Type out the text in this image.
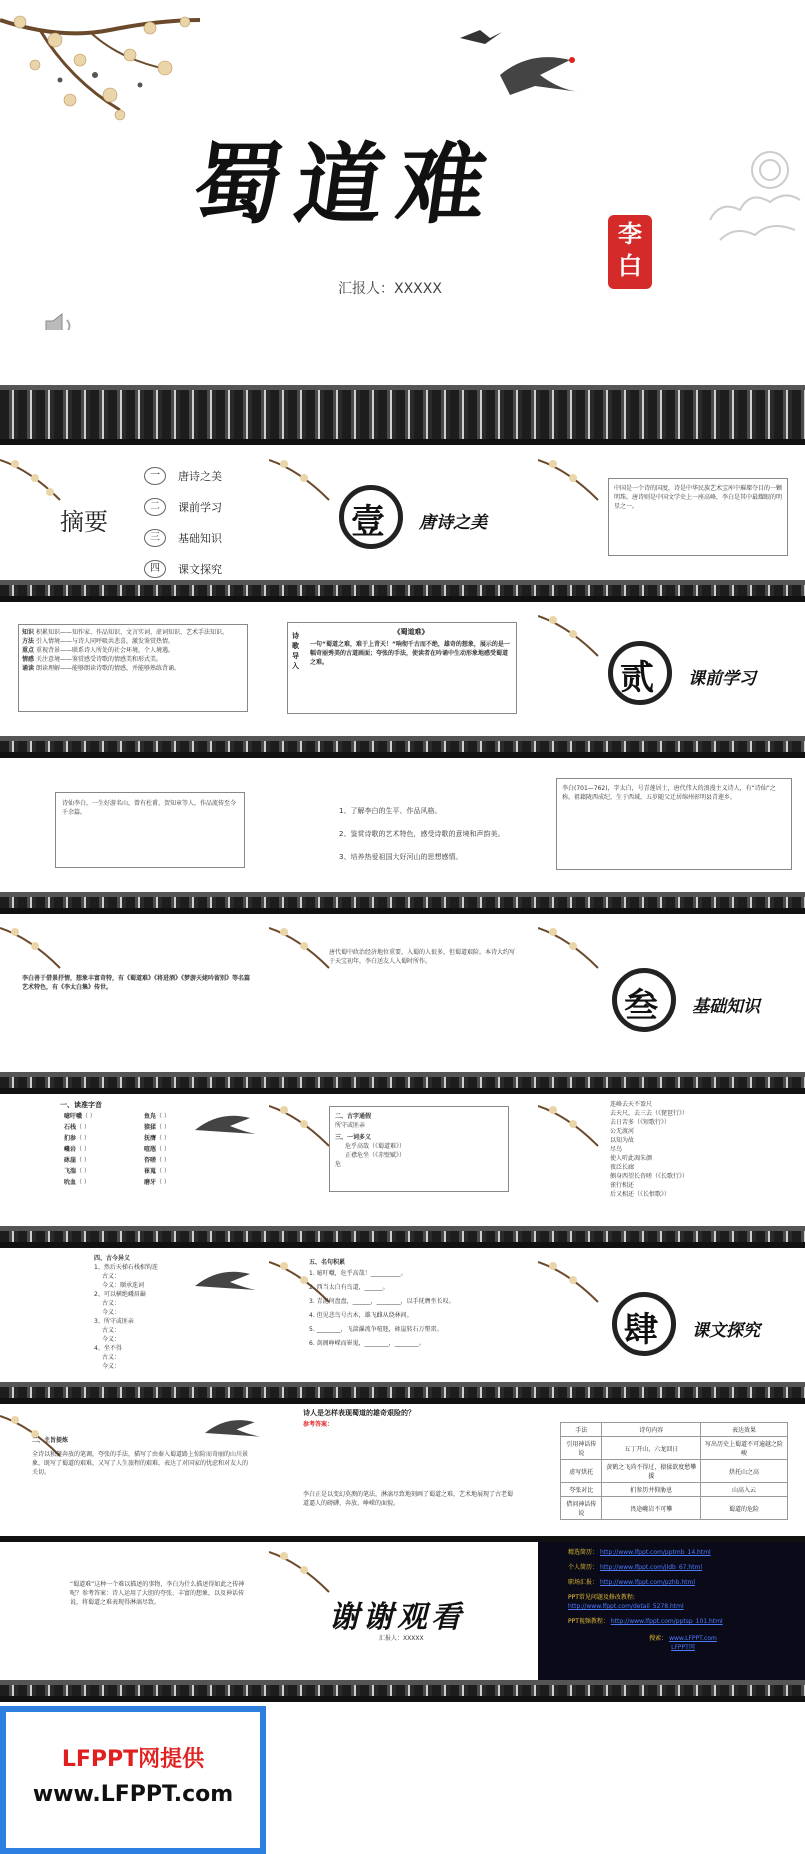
蜀道难	李白
汇报人：XXXXX
摘要
一	唐诗之美
二	课前学习
三	基础知识
四	课文探究
壹 唐诗之美
中国是一个诗的国度，诗是中华民族艺术宝库中璀璨夺目的一颗明珠。唐诗则是中国文学史上一座高峰，李白是其中最耀眼的明星之一。
知识 积累知识——知作家、作品知识、文言实词、虚词知识、艺术手法知识。
方法 引入情境——与诗人同呼吸共悲喜，激发鉴赏热情。
重点 重视背景——联系诗人所处的社会环境，个人境遇。
情感 关注意境——鉴赏感受诗歌的情感美和形式美。
诵读 朗读理解——能够朗读诗歌的情感，并能够熟练背诵。
诗歌导入
《蜀道难》
一句“蜀道之难，难于上青天！”响彻千古而不绝，雄奇的想象，展示的是一幅奇丽秀美的古道画面；夸张的手法，使读者在吟诵中生动形象地感受蜀道之难。	贰 课前学习
诗仙李白，一生好游名山，曾有杜甫、贺知章等人，作品流传至今千余篇。	1、了解李白的生平、作品风格。
2、鉴赏诗歌的艺术特色，感受诗歌的意境和声韵美。
3、培养热爱祖国大好河山的思想感情。
李白(701—762)，字太白，号青莲居士，唐代伟大的浪漫主义诗人，有“诗仙”之称。祖籍陇西成纪，生于西域，五岁随父迁居绵州彰明县青莲乡。
李白善于借景抒情，想象丰富奇特，有《蜀道难》《将进酒》《梦游天姥吟留别》等名篇艺术特色，有《李太白集》传世。
唐代蜀中政治经济地位重要，入蜀的人很多，但蜀道艰险。本诗大约写于天宝初年，李白送友人入蜀时所作。
叁 基础知识
一、读准字音
噫吁嚱（ ）	鱼凫（ ）
石栈（ ）	猿猱（ ）
扪参（ ）	抚膺（ ）
巉岩（ ）	喧豗（ ）
砯崖（ ）	咨嗟（ ）
飞湍（ ）	崔嵬（ ）
吮血（ ）	磨牙（ ）
二、古字通假
所守或匪亲
三、一词多义
危乎高哉（《蜀道难》）
正襟危坐（《赤壁赋》）
危
连峰去天不盈尺
去天尺，去三去（《琵琶行》）
去日苦多（《短歌行》）
公无渡河
以知为故
尽鸟
使人听此凋朱颜
夜泛长廊
侧身西望长咨嗟（《长歌行》）
雀行相还
后又相还（《长恨歌》）
四、古今异义
1、然后天梯石栈相钩连
古义：
今义：顺承连词
2、可以横绝峨眉巅
古义：
今义：
3、所守或匪亲
古义：
今义：
4、坐不得
古义：
今义：
五、名句积累
1. 噫吁嚱，危乎高哉！__________。
2. 西当太白有鸟道，______。
3. 青泥何盘盘，______，________，以手抚膺坐长叹。
4. 但见悲鸟号古木，雄飞雌从绕林间。
5. ________，飞湍瀑流争喧豗，砯崖转石万壑雷。
6. 剑阁峥嵘而崔嵬，________，________。	肆 课文探究
二、主旨提炼
全诗以独健奔放的笔调，夸张的手法，描写了由秦入蜀道路上惊险而奇丽的山川景象，既写了蜀道的艰难，又写了人生旅程的艰难，表达了对国家的忧虑和对友人的关切。
诗人是怎样表现蜀道的雄奇艰险的？
参考答案：
李白正是以变幻莫测的笔法，淋漓尽致地刻画了蜀道之难，艺术地展现了古老蜀道逼人的磅礴、奔放、峥嵘的面貌。
手法	诗句内容	表达效果
引用神话传说	五丁开山、六龙回日	写出历史上蜀道不可逾越之险峻
虚写烘托	黄鹤之飞尚不得过，猿猱欲度愁攀援	烘托山之高
夸张对比	扪参历井仰胁息	山高入云
借问神话传说	畏途巉岩不可攀	蜀道的危险
“蜀道难”这种一个难以描述的事物，李白为什么描述得如此之传神呢？参考答案：诗人运用了大胆的夸张、丰富的想象，以及神话传说，将蜀道之难表现得淋漓尽致。	谢谢观看
汇报人：XXXXX
精选简历： http://www.lfppt.com/pptmb_14.html
个人简历： http://www.lfppt.com/jldb_67.html
职场汇报： http://www.lfppt.com/pzhb.html
PPT常见问题及修改教程:
http://www.lfppt.com/detail_5278.html
PPT视频教程： http://www.lfppt.com/pptsp_101.html
搜索： www.LFPPT.com
LFPPT网
LFPPT网提供
www.LFPPT.com
